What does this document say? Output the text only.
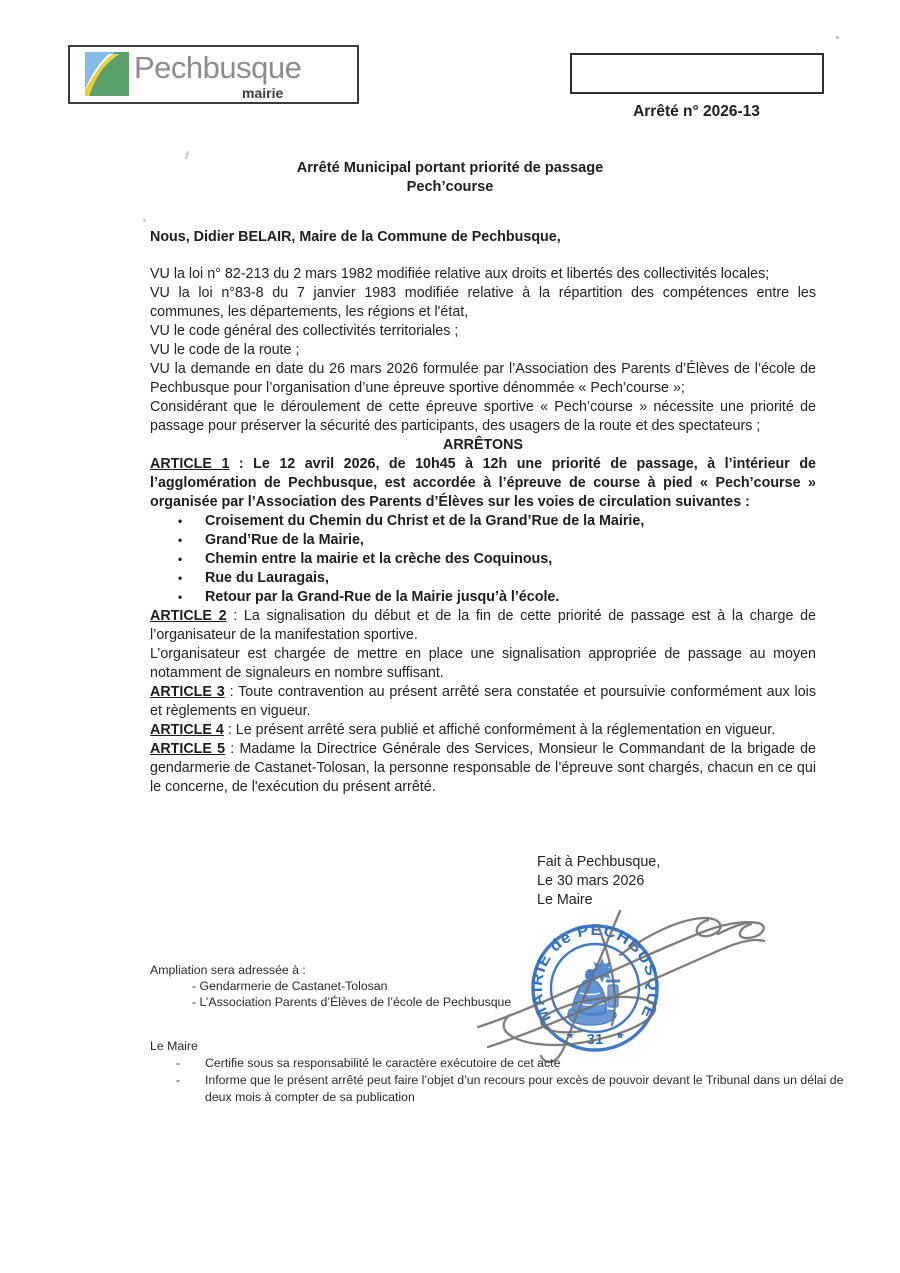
Pechbusque
mairie
Arrêté n° 2026-13
Arrêté Municipal portant priorité de passage
Pech’course

Nous, Didier BELAIR, Maire de la Commune de Pechbusque,

VU la loi n° 82-213 du 2 mars 1982 modifiée relative aux droits et libertés des collectivités locales;

VU la loi n°83-8 du 7 janvier 1983 modifiée relative à la répartition des compétences entre les communes, les départements, les régions et l'état,

VU le code général des collectivités territoriales ;

VU le code de la route ;

VU la demande en date du 26 mars 2026 formulée par l’Association des Parents d’Élèves de l’école de Pechbusque pour l’organisation d’une épreuve sportive dénommée « Pech’course »;

Considérant que le déroulement de cette épreuve sportive « Pech’course » nécessite une priorité de passage pour préserver la sécurité des participants, des usagers de la route et des spectateurs ;

ARRÊTONS

ARTICLE 1 : Le 12 avril 2026, de 10h45 à 12h une priorité de passage, à l’intérieur de l’agglomération de Pechbusque, est accordée à l’épreuve de course à pied « Pech’course » organisée par l’Association des Parents d’Élèves sur les voies de circulation suivantes :

• Croisement du Chemin du Christ et de la Grand’Rue de la Mairie,
• Grand’Rue de la Mairie,
• Chemin entre la mairie et la crèche des Coquinous,
• Rue du Lauragais,
• Retour par la Grand-Rue de la Mairie jusqu’à l’école.

ARTICLE 2 : La signalisation du début et de la fin de cette priorité de passage est à la charge de l’organisateur de la manifestation sportive.

L’organisateur est chargée de mettre en place une signalisation appropriée de passage au moyen notamment de signaleurs en nombre suffisant.

ARTICLE 3 : Toute contravention au présent arrêté sera constatée et poursuivie conformément aux lois et règlements en vigueur.

ARTICLE 4 : Le présent arrêté sera publié et affiché conformément à la réglementation en vigueur.

ARTICLE 5 : Madame la Directrice Générale des Services, Monsieur le Commandant de la brigade de gendarmerie de Castanet-Tolosan, la personne responsable de l’épreuve sont chargés, chacun en ce qui le concerne, de l'exécution du présent arrêté.

Fait à Pechbusque,

Le 30 mars 2026

Le Maire

MAIRIE de PECHBUSQUE
31
★	★
Ampliation sera adressée à :
- Gendarmerie de Castanet-Tolosan
- L’Association Parents d’Élèves de l’école de Pechbusque
Le Maire
- Certifie sous sa responsabilité le caractère exécutoire de cet acte
- Informe que le présent arrêté peut faire l’objet d’un recours pour excès de pouvoir devant le Tribunal dans un délai de deux mois à compter de sa publication
